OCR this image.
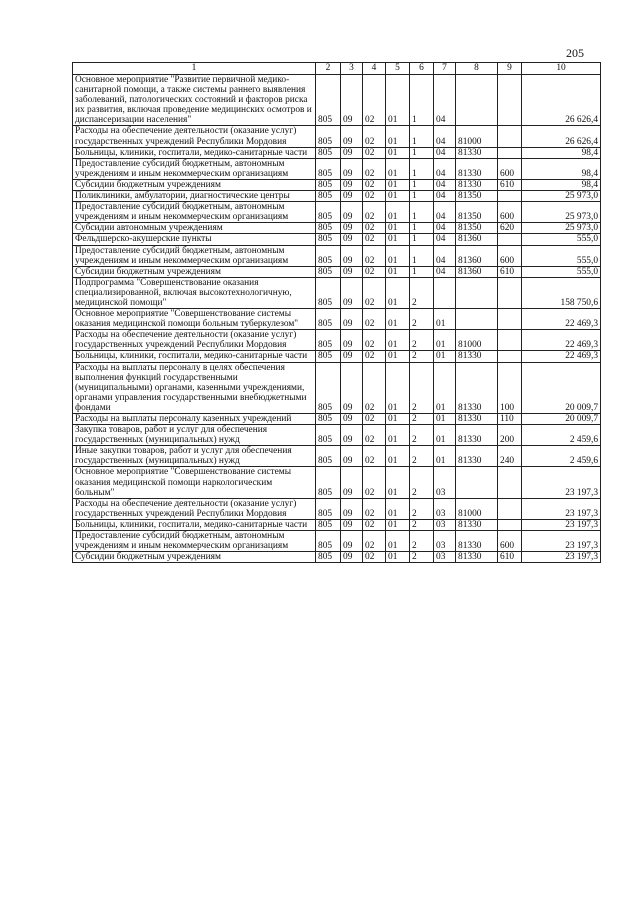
205
1	2	3	4	5	6	7	8	9	10
Основное мероприятие "Развитие первичной медико-санитарной помощи, а также системы раннего выявления заболеваний, патологических состояний и факторов риска их развития, включая проведение медицинских осмотров и диспансеризации населения"	805	09	02	01	1	04			26 626,4
Расходы на обеспечение деятельности (оказание услуг) государственных учреждений Республики Мордовия	805	09	02	01	1	04	81000		26 626,4
Больницы, клиники, госпитали, медико-санитарные части	805	09	02	01	1	04	81330		98,4
Предоставление субсидий бюджетным, автономным учреждениям и иным некоммерческим организациям	805	09	02	01	1	04	81330	600	98,4
Субсидии бюджетным учреждениям	805	09	02	01	1	04	81330	610	98,4
Поликлиники, амбулатории, диагностические центры	805	09	02	01	1	04	81350		25 973,0
Предоставление субсидий бюджетным, автономным учреждениям и иным некоммерческим организациям	805	09	02	01	1	04	81350	600	25 973,0
Субсидии автономным учреждениям	805	09	02	01	1	04	81350	620	25 973,0
Фельдшерско-акушерские пункты	805	09	02	01	1	04	81360		555,0
Предоставление субсидий бюджетным, автономным учреждениям и иным некоммерческим организациям	805	09	02	01	1	04	81360	600	555,0
Субсидии бюджетным учреждениям	805	09	02	01	1	04	81360	610	555,0
Подпрограмма "Совершенствование оказания специализированной, включая высокотехнологичную, медицинской помощи"	805	09	02	01	2				158 750,6
Основное мероприятие "Совершенствование системы оказания медицинской помощи больным туберкулезом"	805	09	02	01	2	01			22 469,3
Расходы на обеспечение деятельности (оказание услуг) государственных учреждений Республики Мордовия	805	09	02	01	2	01	81000		22 469,3
Больницы, клиники, госпитали, медико-санитарные части	805	09	02	01	2	01	81330		22 469,3
Расходы на выплаты персоналу в целях обеспечения выполнения функций государственными (муниципальными) органами, казенными учреждениями, органами управления государственными внебюджетными фондами	805	09	02	01	2	01	81330	100	20 009,7
Расходы на выплаты персоналу казенных учреждений	805	09	02	01	2	01	81330	110	20 009,7
Закупка товаров, работ и услуг для обеспечения государственных (муниципальных) нужд	805	09	02	01	2	01	81330	200	2 459,6
Иные закупки товаров, работ и услуг для обеспечения государственных (муниципальных) нужд	805	09	02	01	2	01	81330	240	2 459,6
Основное мероприятие "Совершенствование системы оказания медицинской помощи наркологическим больным"	805	09	02	01	2	03			23 197,3
Расходы на обеспечение деятельности (оказание услуг) государственных учреждений Республики Мордовия	805	09	02	01	2	03	81000		23 197,3
Больницы, клиники, госпитали, медико-санитарные части	805	09	02	01	2	03	81330		23 197,3
Предоставление субсидий бюджетным, автономным учреждениям и иным некоммерческим организациям	805	09	02	01	2	03	81330	600	23 197,3
Субсидии бюджетным учреждениям	805	09	02	01	2	03	81330	610	23 197,3
